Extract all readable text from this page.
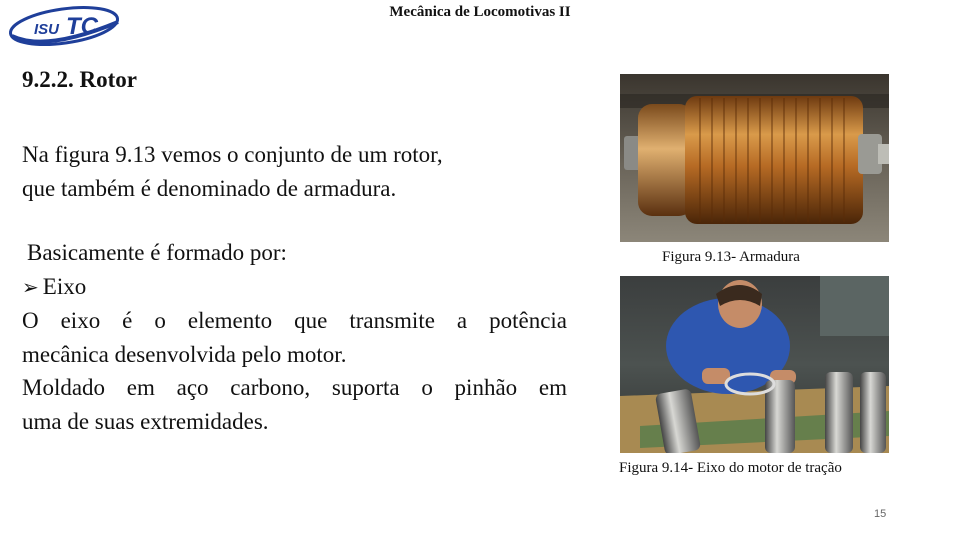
ISU TC
Mecânica de Locomotivas II
9.2.2. Rotor
Na figura 9.13 vemos o conjunto de um rotor,
que também é denominado de armadura.

Basicamente é formado por:

➢ Eixo

O eixo é o elemento que transmite a potência

mecânica desenvolvida pelo motor.

Moldado em aço carbono, suporta o pinhão em

uma de suas extremidades.

Figura 9.13- Armadura
Figura 9.14- Eixo do motor de tração
15
